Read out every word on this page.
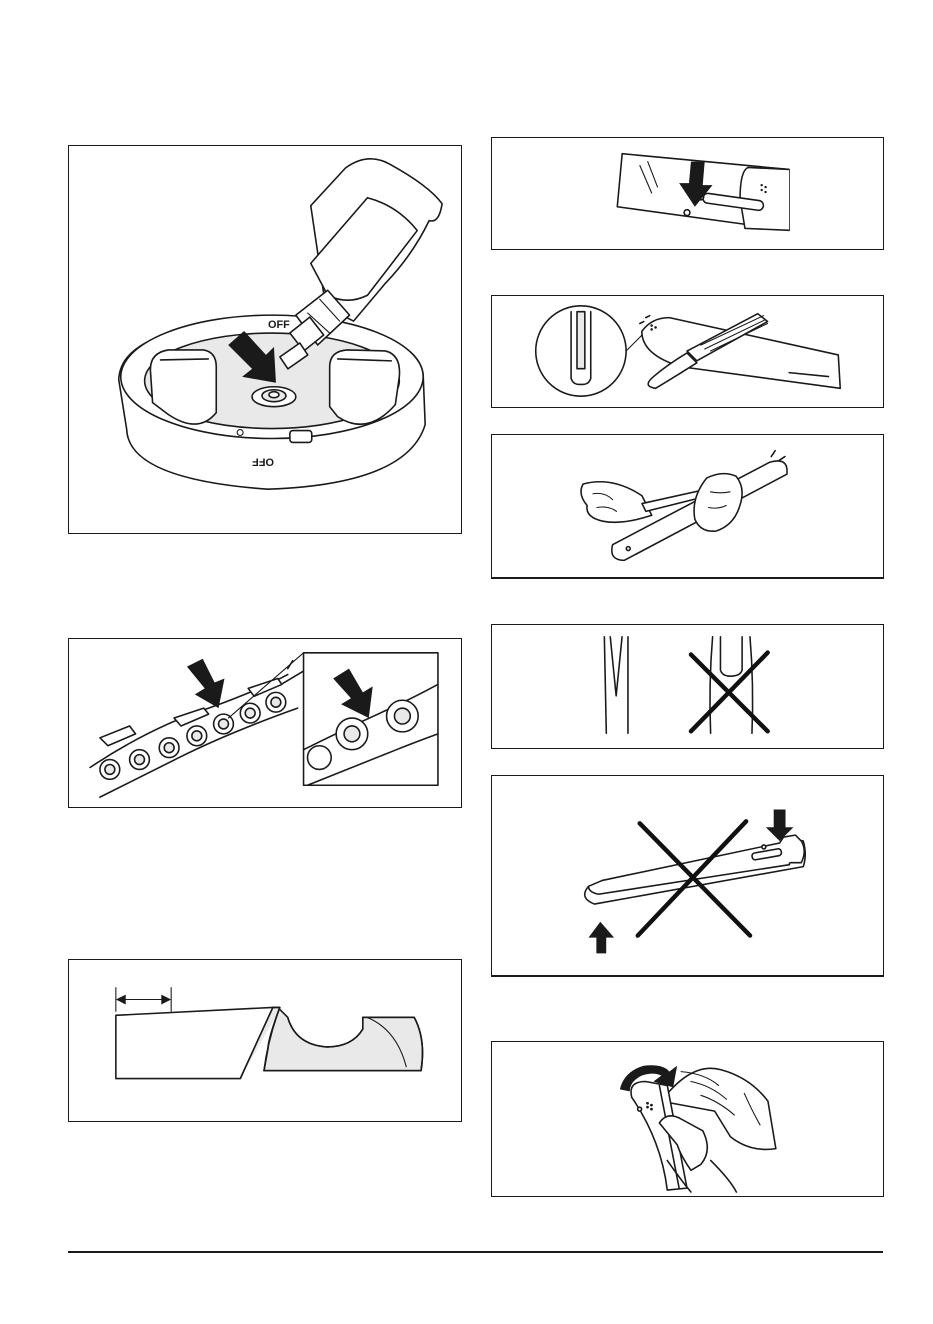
OFF
OFF
